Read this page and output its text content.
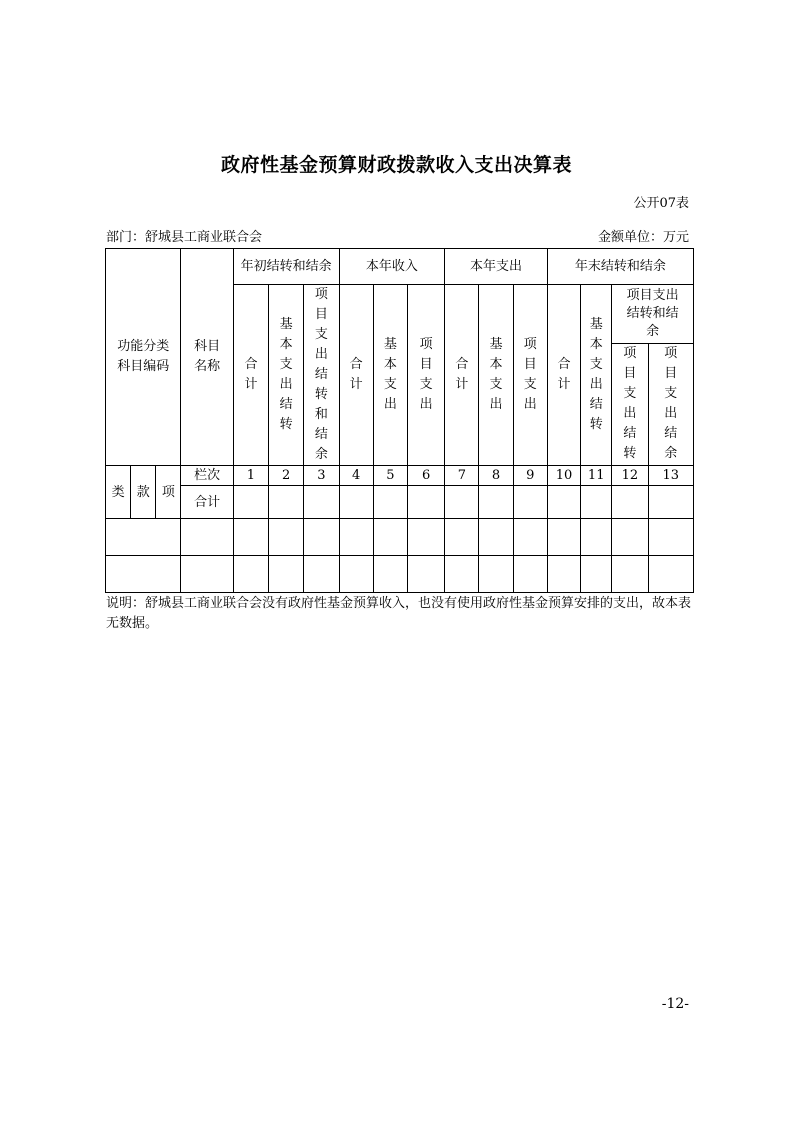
政府性基金预算财政拨款收入支出决算表
公开07表
部门：舒城县工商业联合会	金额单位：万元
功能分类科目编码			科目名称	年初结转和结余			本年收入			本年支出			年末结转和结余			
				合计	基本支出结转	项目支出结转和结余	合计	基本支出	项目支出	合计	基本支出	项目支出	合计	基本支出结转	项目支出结转和结余	
															项目支出结转	项目支出结余
类	款	项	栏次	1	2	3	4	5	6	7	8	9	10	11	12	13
			合计													

说明：舒城县工商业联合会没有政府性基金预算收入，也没有使用政府性基金预算安排的支出，故本表无数据。
-12-
